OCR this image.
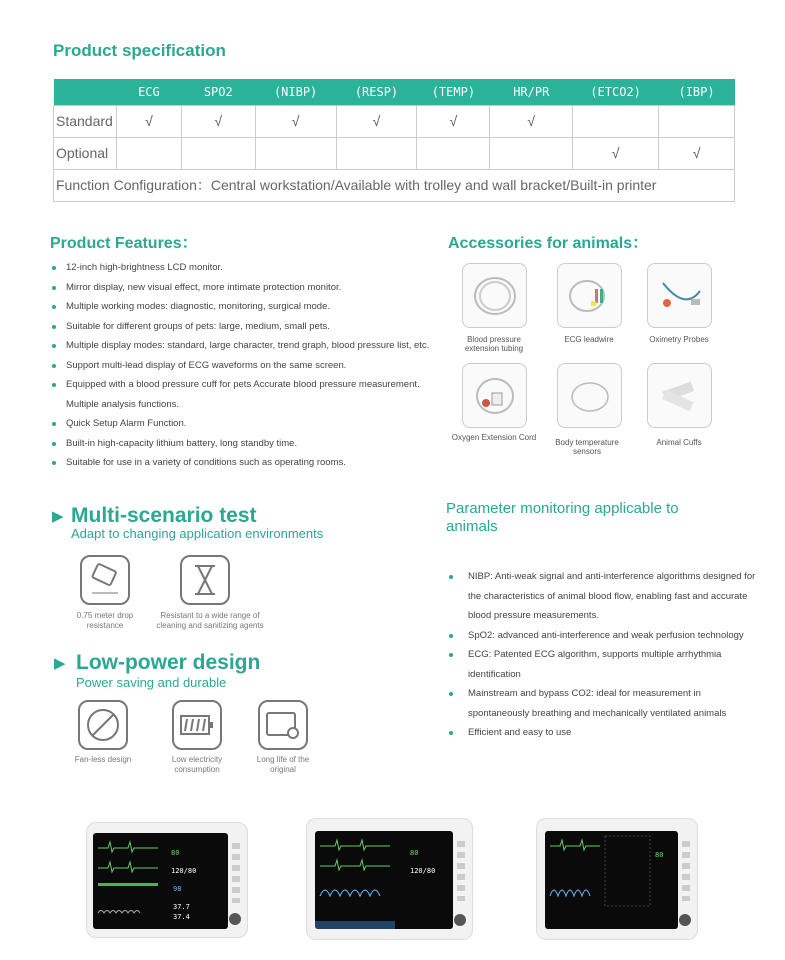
Product specification
	ECG	SPO2	(NIBP)	(RESP)	(TEMP)	HR/PR	(ETCO2)	(IBP)
Standard	√	√	√	√	√	√		
Optional							√	√
Function Configuration：Central workstation/Available with trolley and wall bracket/Built-in printer								
Product Features：
12-inch high-brightness LCD monitor.
Mirror display, new visual effect, more intimate protection monitor.
Multiple working modes: diagnostic, monitoring, surgical mode.
Suitable for different groups of pets: large, medium, small pets.
Multiple display modes: standard, large character, trend graph, blood pressure list, etc.
Support multi-lead display of ECG waveforms on the same screen.
Equipped with a blood pressure cuff for pets Accurate blood pressure measurement.
Multiple analysis functions.
Quick Setup Alarm Function.
Built-in high-capacity lithium battery, long standby time.
Suitable for use in a variety of conditions such as operating rooms.
Accessories for animals：
Blood pressure extension tubing
ECG leadwire	Oximetry Probes
Oxygen Extension Cord
Body temperature sensors
Animal Cuffs
▶ Multi-scenario test
Adapt to changing application environments
0.75 meter drop resistance
Resistant to a wide range of cleaning and sanitizing agents
▶ Low-power design
Power saving and durable
Fan-less design	Low electricity consumption
Long life of the original
Parameter monitoring applicable to animals
NIBP: Anti-weak signal and anti-interference algorithms designed for the characteristics of animal blood flow, enabling fast and accurate blood pressure measurements.
SpO2: advanced anti-interference and weak perfusion technology
ECG: Patented ECG algorithm, supports multiple arrhythmia identification
Mainstream and bypass CO2: ideal for measurement in spontaneously breathing and mechanically ventilated animals
Efficient and easy to use
80
120/80
98
37.7
37.4
120/80
80	80
